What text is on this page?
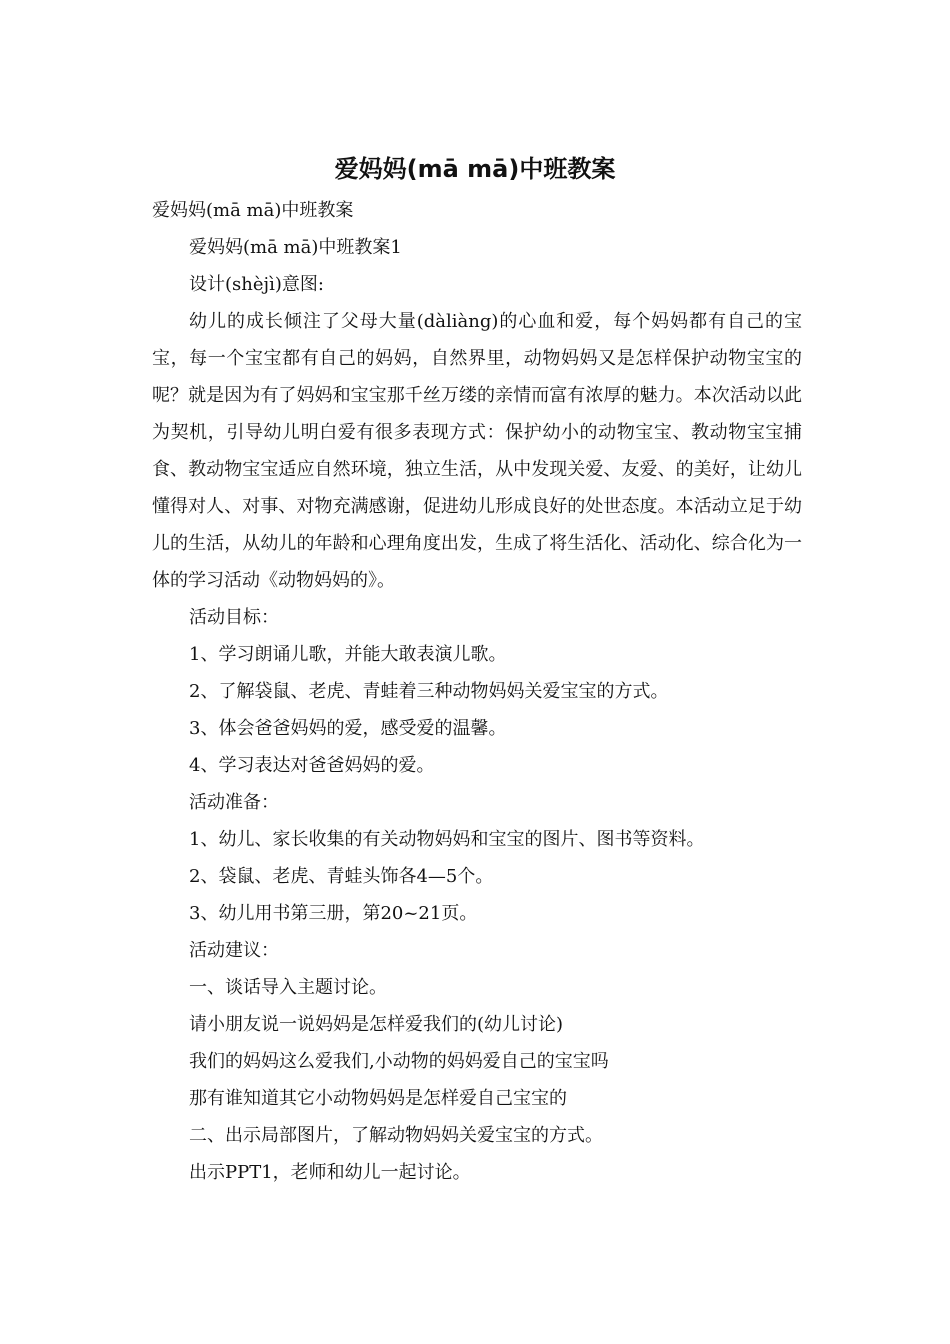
爱妈妈(mā mā)中班教案

爱妈妈(mā mā)中班教案

爱妈妈(mā mā)中班教案1

设计(shèjì)意图:

幼儿的成长倾注了父母大量(dàliàng)的心血和爱，每个妈妈都有自己的宝宝，每一个宝宝都有自己的妈妈，自然界里，动物妈妈又是怎样保护动物宝宝的呢？就是因为有了妈妈和宝宝那千丝万缕的亲情而富有浓厚的魅力。本次活动以此为契机，引导幼儿明白爱有很多表现方式：保护幼小的动物宝宝、教动物宝宝捕食、教动物宝宝适应自然环境，独立生活，从中发现关爱、友爱、的美好，让幼儿懂得对人、对事、对物充满感谢，促进幼儿形成良好的处世态度。本活动立足于幼儿的生活，从幼儿的年龄和心理角度出发，生成了将生活化、活动化、综合化为一体的学习活动《动物妈妈的》。

活动目标：

1、学习朗诵儿歌，并能大敢表演儿歌。

2、了解袋鼠、老虎、青蛙着三种动物妈妈关爱宝宝的方式。

3、体会爸爸妈妈的爱，感受爱的温馨。

4、学习表达对爸爸妈妈的爱。

活动准备：

1、幼儿、家长收集的有关动物妈妈和宝宝的图片、图书等资料。

2、袋鼠、老虎、青蛙头饰各4—5个。

3、幼儿用书第三册，第20~21页。

活动建议：

一、谈话导入主题讨论。

请小朋友说一说妈妈是怎样爱我们的(幼儿讨论)

我们的妈妈这么爱我们,小动物的妈妈爱自己的宝宝吗

那有谁知道其它小动物妈妈是怎样爱自己宝宝的

二、出示局部图片，了解动物妈妈关爱宝宝的方式。

出示PPT1，老师和幼儿一起讨论。
